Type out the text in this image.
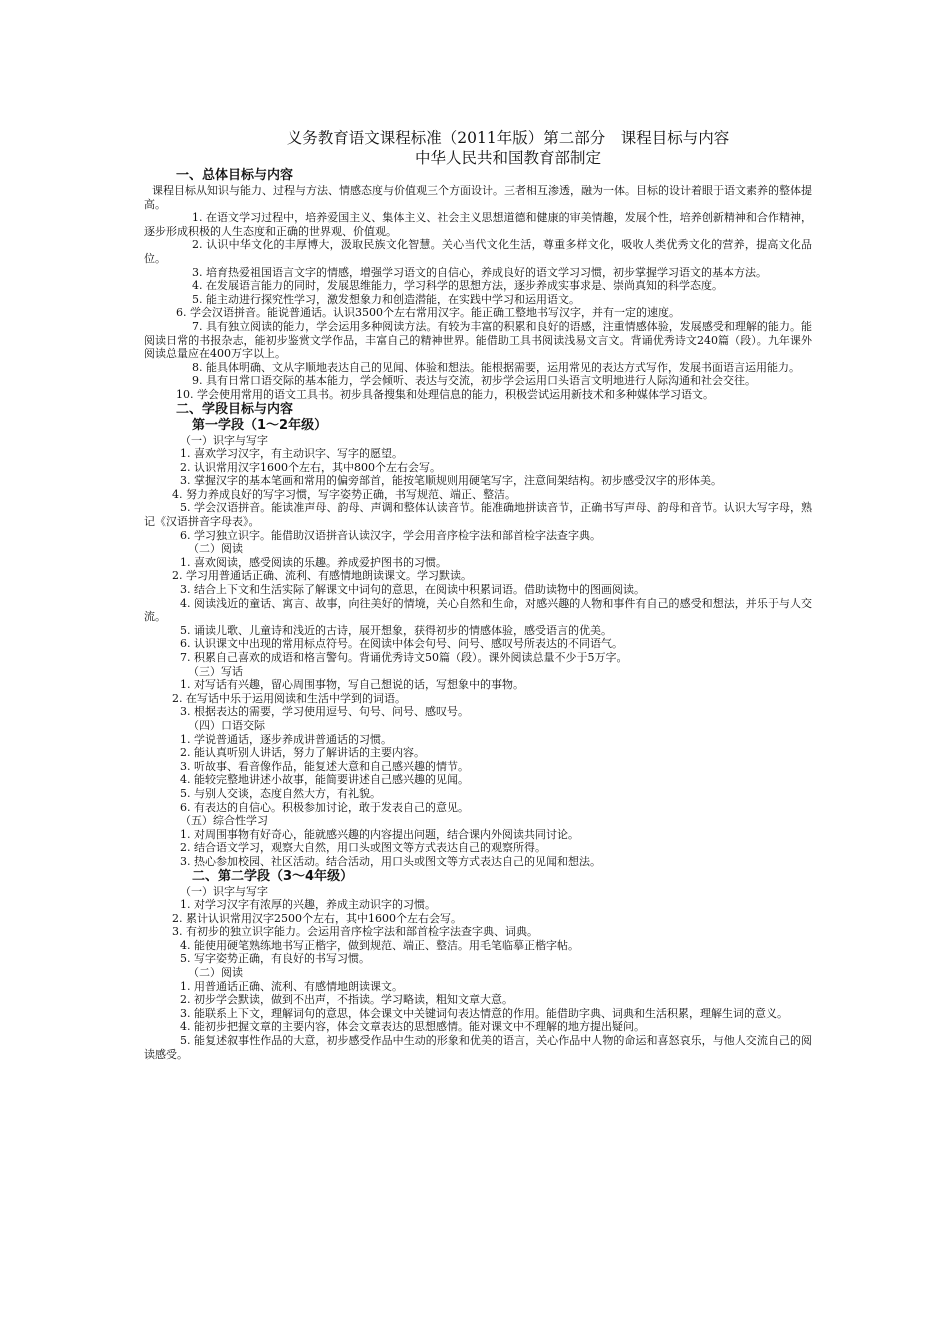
义务教育语文课程标准（2011年版）第二部分　课程目标与内容
中华人民共和国教育部制定
一、总体目标与内容
课程目标从知识与能力、过程与方法、情感态度与价值观三个方面设计。三者相互渗透，融为一体。目标的设计着眼于语文素养的整体提高。
1. 在语文学习过程中，培养爱国主义、集体主义、社会主义思想道德和健康的审美情趣，发展个性，培养创新精神和合作精神，逐步形成积极的人生态度和正确的世界观、价值观。
2. 认识中华文化的丰厚博大，汲取民族文化智慧。关心当代文化生活，尊重多样文化，吸收人类优秀文化的营养，提高文化品位。
3. 培育热爱祖国语言文字的情感，增强学习语文的自信心，养成良好的语文学习习惯，初步掌握学习语文的基本方法。
4. 在发展语言能力的同时，发展思维能力，学习科学的思想方法，逐步养成实事求是、崇尚真知的科学态度。
5. 能主动进行探究性学习，激发想象力和创造潜能，在实践中学习和运用语文。
6. 学会汉语拼音。能说普通话。认识3500个左右常用汉字。能正确工整地书写汉字，并有一定的速度。
7. 具有独立阅读的能力，学会运用多种阅读方法。有较为丰富的积累和良好的语感，注重情感体验，发展感受和理解的能力。能阅读日常的书报杂志，能初步鉴赏文学作品，丰富自己的精神世界。能借助工具书阅读浅易文言文。背诵优秀诗文240篇（段）。九年课外阅读总量应在400万字以上。
8. 能具体明确、文从字顺地表达自己的见闻、体验和想法。能根据需要，运用常见的表达方式写作，发展书面语言运用能力。
9. 具有日常口语交际的基本能力，学会倾听、表达与交流，初步学会运用口头语言文明地进行人际沟通和社会交往。
10. 学会使用常用的语文工具书。初步具备搜集和处理信息的能力，积极尝试运用新技术和多种媒体学习语文。
二、学段目标与内容
第一学段（1～2年级）
（一）识字与写字
1. 喜欢学习汉字，有主动识字、写字的愿望。
2. 认识常用汉字1600个左右，其中800个左右会写。
3. 掌握汉字的基本笔画和常用的偏旁部首，能按笔顺规则用硬笔写字，注意间架结构。初步感受汉字的形体美。
4. 努力养成良好的写字习惯，写字姿势正确，书写规范、端正、整洁。
5. 学会汉语拼音。能读准声母、韵母、声调和整体认读音节。能准确地拼读音节，正确书写声母、韵母和音节。认识大写字母，熟记《汉语拼音字母表》。
6. 学习独立识字。能借助汉语拼音认读汉字，学会用音序检字法和部首检字法查字典。
（二）阅读
1. 喜欢阅读，感受阅读的乐趣。养成爱护图书的习惯。
2. 学习用普通话正确、流利、有感情地朗读课文。学习默读。
3. 结合上下文和生活实际了解课文中词句的意思，在阅读中积累词语。借助读物中的图画阅读。
4. 阅读浅近的童话、寓言、故事，向往美好的情境，关心自然和生命，对感兴趣的人物和事件有自己的感受和想法，并乐于与人交流。
5. 诵读儿歌、儿童诗和浅近的古诗，展开想象，获得初步的情感体验，感受语言的优美。
6. 认识课文中出现的常用标点符号。在阅读中体会句号、问号、感叹号所表达的不同语气。
7. 积累自己喜欢的成语和格言警句。背诵优秀诗文50篇（段）。课外阅读总量不少于5万字。
（三）写话
1. 对写话有兴趣，留心周围事物，写自己想说的话，写想象中的事物。
2. 在写话中乐于运用阅读和生活中学到的词语。
3. 根据表达的需要，学习使用逗号、句号、问号、感叹号。
（四）口语交际
1. 学说普通话，逐步养成讲普通话的习惯。
2. 能认真听别人讲话，努力了解讲话的主要内容。
3. 听故事、看音像作品，能复述大意和自己感兴趣的情节。
4. 能较完整地讲述小故事，能简要讲述自己感兴趣的见闻。
5. 与别人交谈，态度自然大方，有礼貌。
6. 有表达的自信心。积极参加讨论，敢于发表自己的意见。
（五）综合性学习
1. 对周围事物有好奇心，能就感兴趣的内容提出问题，结合课内外阅读共同讨论。
2. 结合语文学习，观察大自然，用口头或图文等方式表达自己的观察所得。
3. 热心参加校园、社区活动。结合活动，用口头或图文等方式表达自己的见闻和想法。
二、第二学段（3～4年级）
（一）识字与写字
1. 对学习汉字有浓厚的兴趣，养成主动识字的习惯。
2. 累计认识常用汉字2500个左右，其中1600个左右会写。
3. 有初步的独立识字能力。会运用音序检字法和部首检字法查字典、词典。
4. 能使用硬笔熟练地书写正楷字，做到规范、端正、整洁。用毛笔临摹正楷字帖。
5. 写字姿势正确，有良好的书写习惯。
（二）阅读
1. 用普通话正确、流利、有感情地朗读课文。
2. 初步学会默读，做到不出声，不指读。学习略读，粗知文章大意。
3. 能联系上下文，理解词句的意思，体会课文中关键词句表达情意的作用。能借助字典、词典和生活积累，理解生词的意义。
4. 能初步把握文章的主要内容，体会文章表达的思想感情。能对课文中不理解的地方提出疑问。
5. 能复述叙事性作品的大意，初步感受作品中生动的形象和优美的语言，关心作品中人物的命运和喜怒哀乐，与他人交流自己的阅读感受。
